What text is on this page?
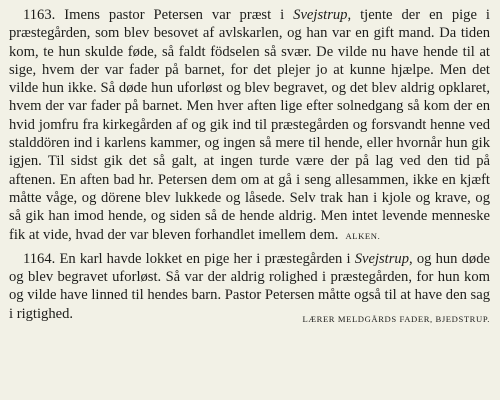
1163. Imens pastor Petersen var præst i Svejstrup, tjente der en pige i præstegården, som blev besovet af avlskarlen, og han var en gift mand. Da tiden kom, te hun skulde føde, så faldt födselen så svær. De vilde nu have hende til at sige, hvem der var fader på barnet, for det plejer jo at kunne hjælpe. Men det vilde hun ikke. Så døde hun uforløst og blev begravet, og det blev aldrig opklaret, hvem der var fader på barnet. Men hver aften lige efter solnedgang så kom der en hvid jomfru fra kirkegården af og gik ind til præstegården og forsvandt henne ved stalddören ind i karlens kammer, og ingen så mere til hende, eller hvornår hun gik igjen. Til sidst gik det så galt, at ingen turde være der på lag ved den tid på aftenen. En aften bad hr. Petersen dem om at gå i seng allesammen, ikke en kjæft måtte våge, og dörene blev lukkede og låsede. Selv trak han i kjole og krave, og så gik han imod hende, og siden så de hende aldrig. Men intet levende menneske fik at vide, hvad der var bleven forhandlet imellem dem. ALKEN.

1164. En karl havde lokket en pige her i præstegården i Svejstrup, og hun døde og blev begravet uforløst. Så var der aldrig rolighed i præstegården, for hun kom og vilde have linned til hendes barn. Pastor Petersen måtte også til at have den sag i rigtighed.	LÆRER MELDGÅRDS FADER, BJEDSTRUP.
